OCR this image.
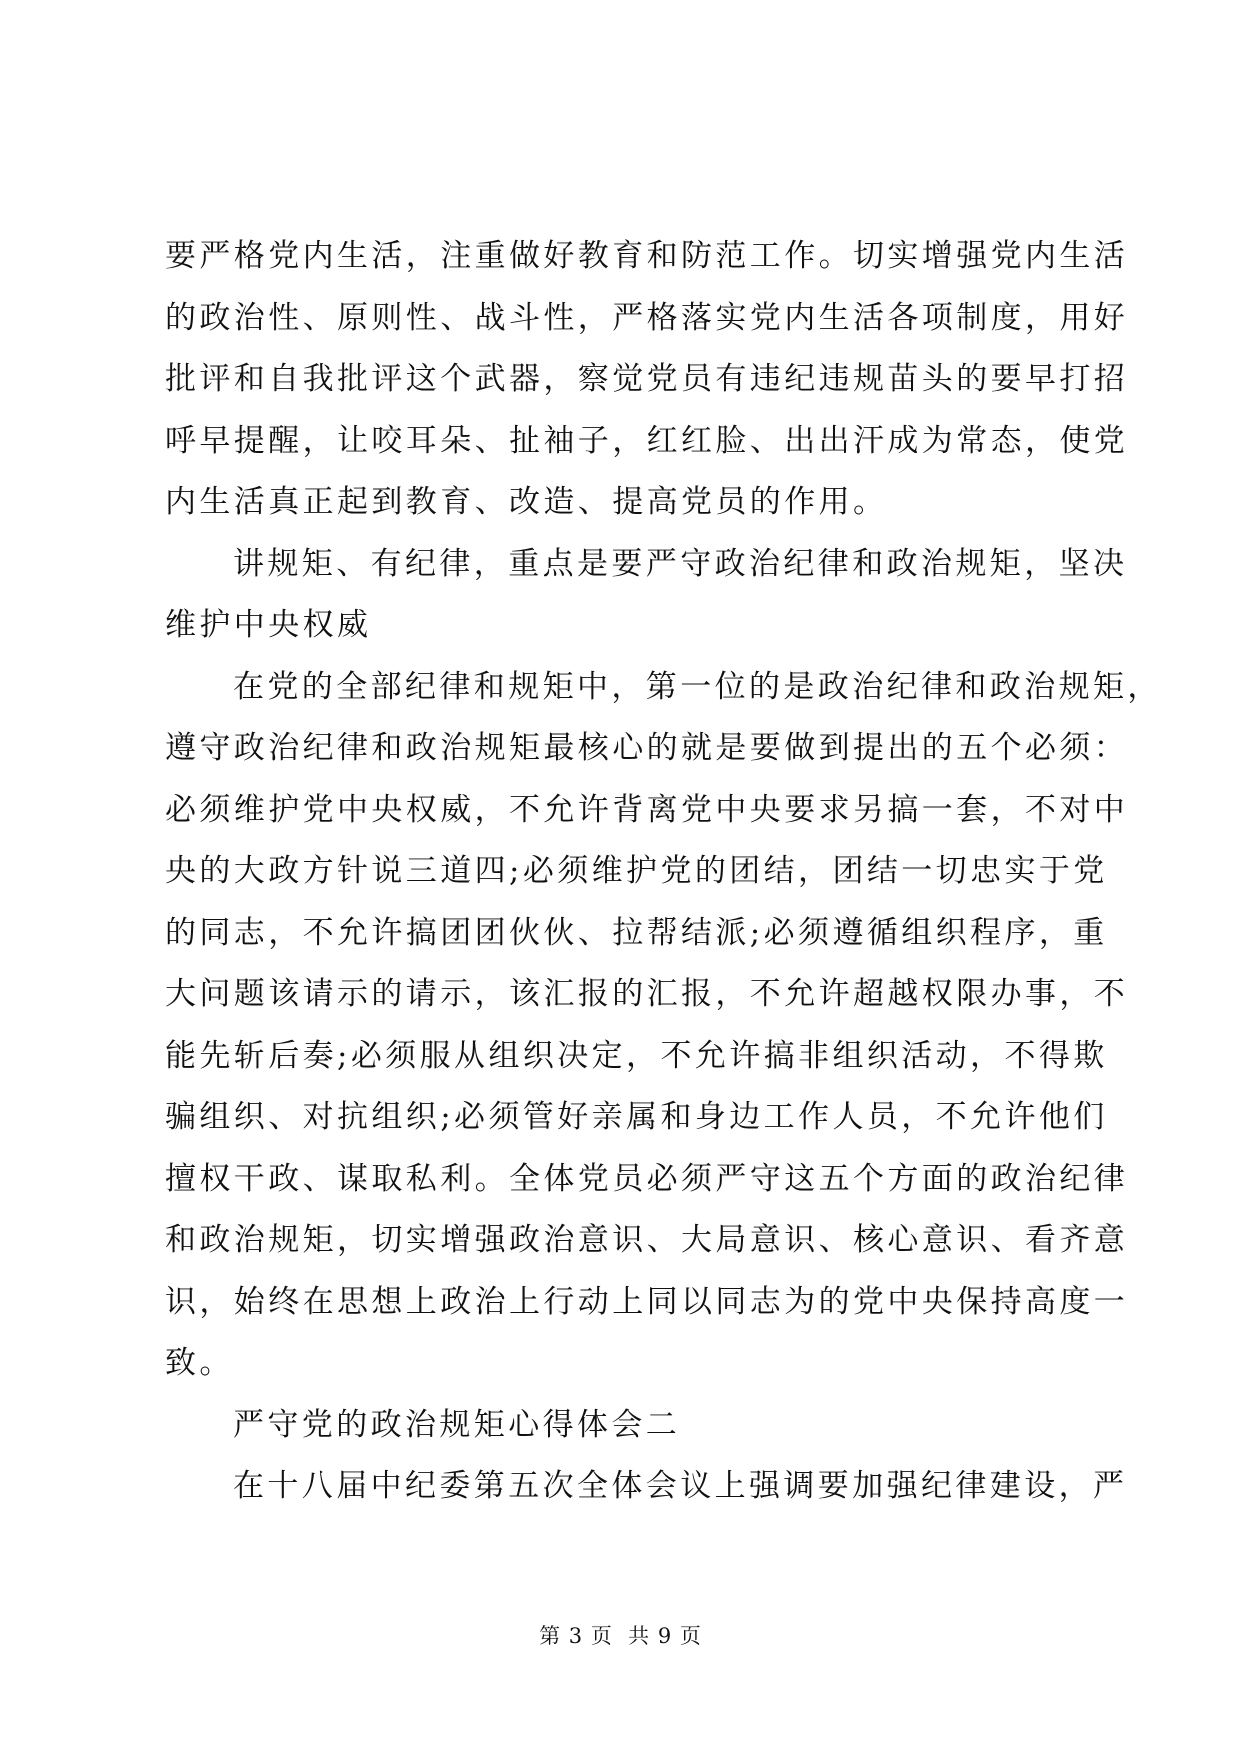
要严格党内生活，注重做好教育和防范工作。切实增强党内生活
的政治性、原则性、战斗性，严格落实党内生活各项制度，用好
批评和自我批评这个武器，察觉党员有违纪违规苗头的要早打招
呼早提醒，让咬耳朵、扯袖子，红红脸、出出汗成为常态，使党
内生活真正起到教育、改造、提高党员的作用。
讲规矩、有纪律，重点是要严守政治纪律和政治规矩，坚决
维护中央权威
在党的全部纪律和规矩中，第一位的是政治纪律和政治规矩，
遵守政治纪律和政治规矩最核心的就是要做到提出的五个必须：
必须维护党中央权威，不允许背离党中央要求另搞一套，不对中
央的大政方针说三道四;必须维护党的团结，团结一切忠实于党
的同志，不允许搞团团伙伙、拉帮结派;必须遵循组织程序，重
大问题该请示的请示，该汇报的汇报，不允许超越权限办事，不
能先斩后奏;必须服从组织决定，不允许搞非组织活动，不得欺
骗组织、对抗组织;必须管好亲属和身边工作人员，不允许他们
擅权干政、谋取私利。全体党员必须严守这五个方面的政治纪律
和政治规矩，切实增强政治意识、大局意识、核心意识、看齐意
识，始终在思想上政治上行动上同以同志为的党中央保持高度一
致。
严守党的政治规矩心得体会二
在十八届中纪委第五次全体会议上强调要加强纪律建设，严
第 3 页  共 9 页
